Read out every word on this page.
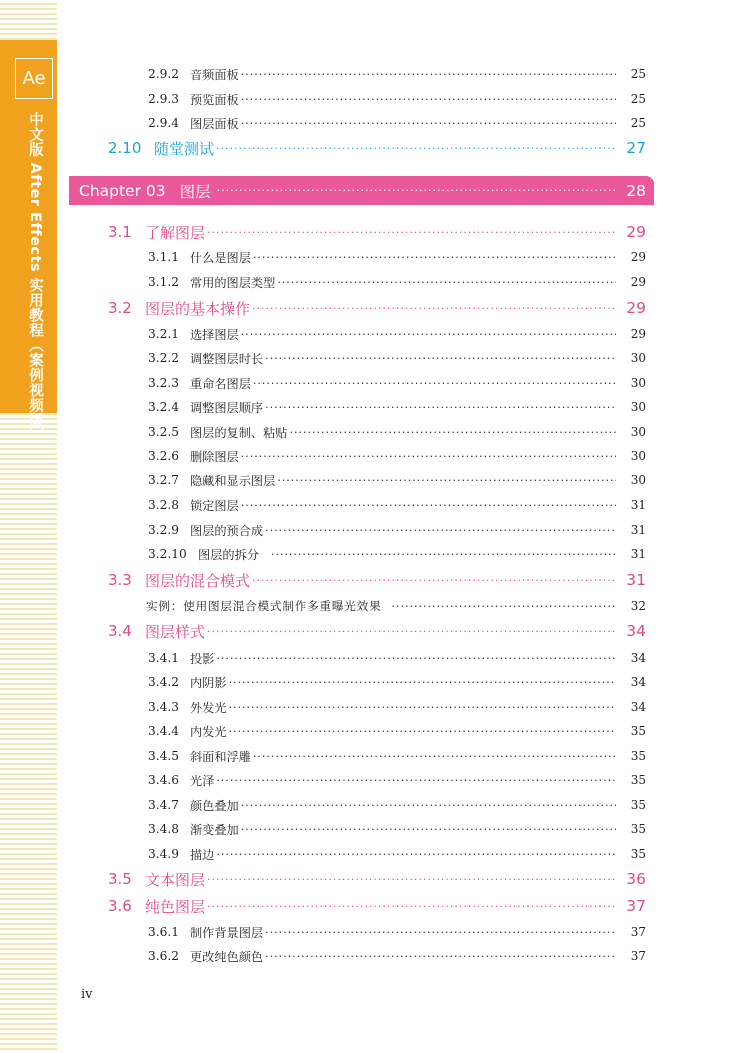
Ae
中文版 After Effects 实用教程（案例视频版）
2.9.2 音频面板 ·····	25
2.9.3 预览面板 ·····	25
2.9.4 图层面板 ·····	25
2.10 随堂测试 ·····	27
Chapter 03 图层 ·····	28
3.1 了解图层 ·····	29
3.1.1 什么是图层 ·····	29
3.1.2 常用的图层类型 ·····	29
3.2 图层的基本操作 ·····	29
3.2.1 选择图层 ·····	29
3.2.2 调整图层时长 ·····	30
3.2.3 重命名图层 ·····	30
3.2.4 调整图层顺序 ·····	30
3.2.5 图层的复制、粘贴 ·····	30
3.2.6 删除图层 ·····	30
3.2.7 隐藏和显示图层 ·····	30
3.2.8 锁定图层 ·····	31
3.2.9 图层的预合成 ·····	31
3.2.10 图层的拆分 ·····	31
3.3 图层的混合模式 ·····	31
实例：使用图层混合模式制作多重曝光效果 ·····	32
3.4 图层样式 ·····	34
3.4.1 投影 ·····	34
3.4.2 内阴影 ·····	34
3.4.3 外发光 ·····	34
3.4.4 内发光 ·····	35
3.4.5 斜面和浮雕 ·····	35
3.4.6 光泽 ·····	35
3.4.7 颜色叠加 ·····	35
3.4.8 渐变叠加 ·····	35
3.4.9 描边 ·····	35
3.5 文本图层 ·····	36
3.6 纯色图层 ·····	37
3.6.1 制作背景图层 ·····	37
3.6.2 更改纯色颜色 ·····	37
iv
